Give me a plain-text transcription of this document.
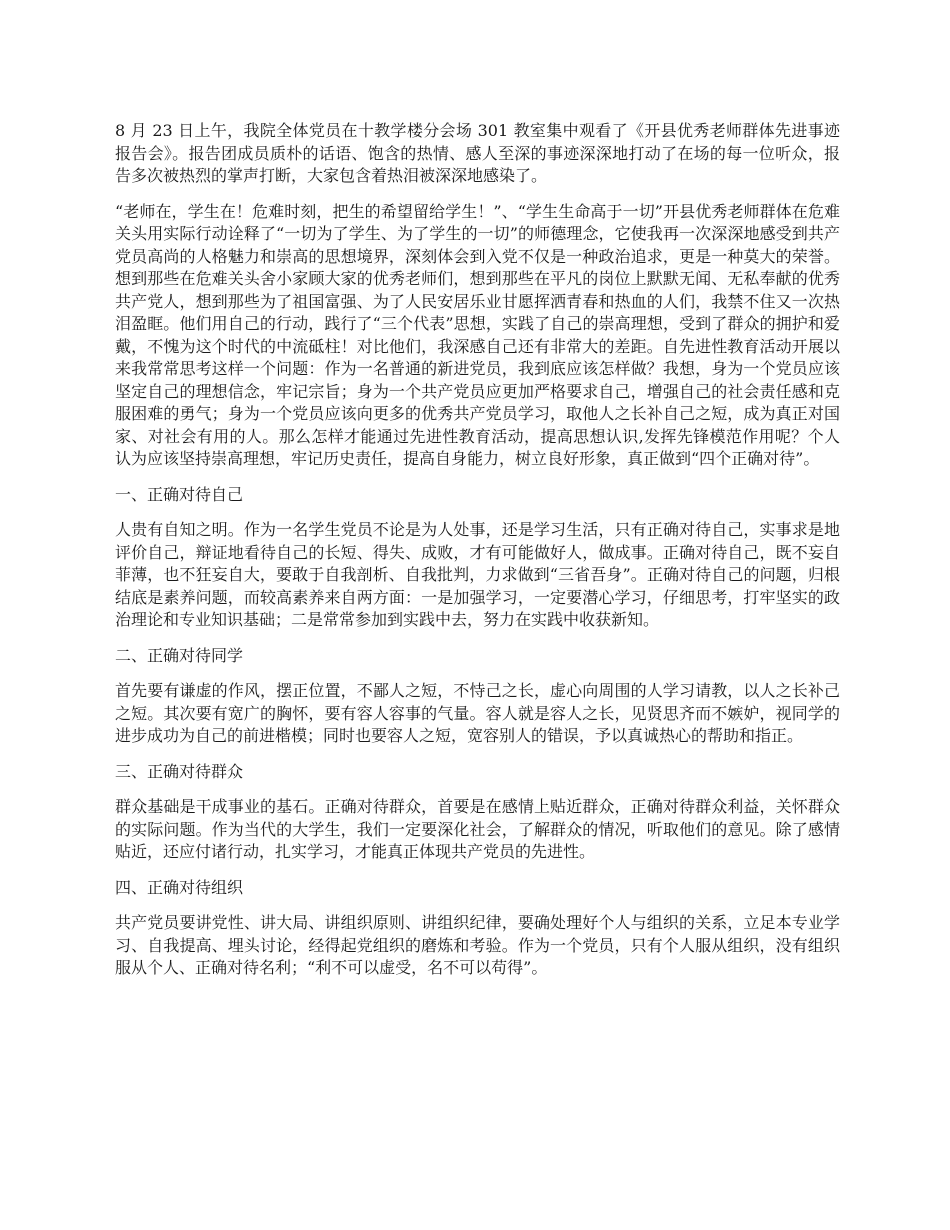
8 月 23 日上午，我院全体党员在十教学楼分会场 301 教室集中观看了《开县优秀老师群体先进事迹报告会》。报告团成员质朴的话语、饱含的热情、感人至深的事迹深深地打动了在场的每一位听众，报告多次被热烈的掌声打断，大家包含着热泪被深深地感染了。

“老师在，学生在！危难时刻，把生的希望留给学生！”、“学生生命高于一切”开县优秀老师群体在危难关头用实际行动诠释了“一切为了学生、为了学生的一切”的师德理念，它使我再一次深深地感受到共产党员高尚的人格魅力和崇高的思想境界，深刻体会到入党不仅是一种政治追求，更是一种莫大的荣誉。想到那些在危难关头舍小家顾大家的优秀老师们，想到那些在平凡的岗位上默默无闻、无私奉献的优秀共产党人，想到那些为了祖国富强、为了人民安居乐业甘愿挥洒青春和热血的人们，我禁不住又一次热泪盈眶。他们用自己的行动，践行了“三个代表”思想，实践了自己的崇高理想，受到了群众的拥护和爱戴，不愧为这个时代的中流砥柱！对比他们，我深感自己还有非常大的差距。自先进性教育活动开展以来我常常思考这样一个问题：作为一名普通的新进党员，我到底应该怎样做？我想，身为一个党员应该坚定自己的理想信念，牢记宗旨；身为一个共产党员应更加严格要求自己，增强自己的社会责任感和克服困难的勇气；身为一个党员应该向更多的优秀共产党员学习，取他人之长补自己之短，成为真正对国家、对社会有用的人。那么怎样才能通过先进性教育活动，提高思想认识,发挥先锋模范作用呢？个人认为应该坚持崇高理想，牢记历史责任，提高自身能力，树立良好形象，真正做到“四个正确对待”。

一、正确对待自己

人贵有自知之明。作为一名学生党员不论是为人处事，还是学习生活，只有正确对待自己，实事求是地评价自己，辩证地看待自己的长短、得失、成败，才有可能做好人，做成事。正确对待自己，既不妄自菲薄，也不狂妄自大，要敢于自我剖析、自我批判，力求做到“三省吾身”。正确对待自己的问题，归根结底是素养问题，而较高素养来自两方面：一是加强学习，一定要潜心学习，仔细思考，打牢坚实的政治理论和专业知识基础；二是常常参加到实践中去，努力在实践中收获新知。

二、正确对待同学

首先要有谦虚的作风，摆正位置，不鄙人之短，不恃己之长，虚心向周围的人学习请教，以人之长补己之短。其次要有宽广的胸怀，要有容人容事的气量。容人就是容人之长，见贤思齐而不嫉妒，视同学的进步成功为自己的前进楷模；同时也要容人之短，宽容别人的错误，予以真诚热心的帮助和指正。

三、正确对待群众

群众基础是干成事业的基石。正确对待群众，首要是在感情上贴近群众，正确对待群众利益，关怀群众的实际问题。作为当代的大学生，我们一定要深化社会，了解群众的情况，听取他们的意见。除了感情贴近，还应付诸行动，扎实学习，才能真正体现共产党员的先进性。

四、正确对待组织

共产党员要讲党性、讲大局、讲组织原则、讲组织纪律，要确处理好个人与组织的关系，立足本专业学习、自我提高、埋头讨论，经得起党组织的磨炼和考验。作为一个党员，只有个人服从组织，没有组织服从个人、正确对待名利；“利不可以虚受，名不可以苟得”。
